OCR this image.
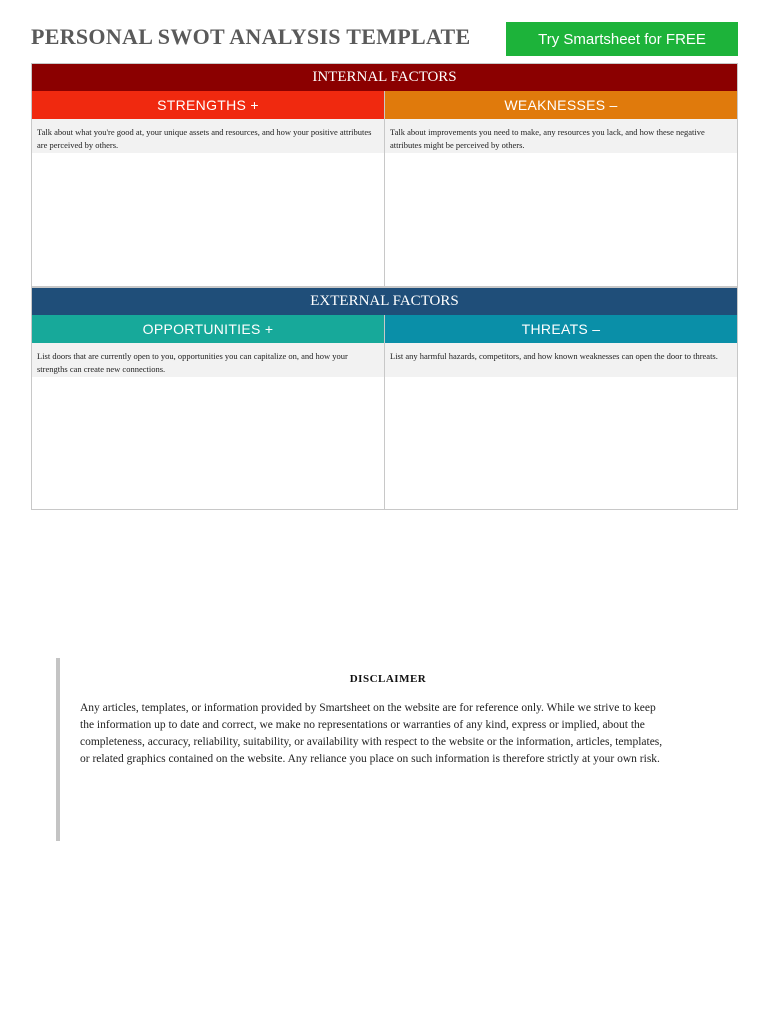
PERSONAL SWOT ANALYSIS TEMPLATE	Try Smartsheet for FREE
INTERNAL FACTORS
STRENGTHS +
Talk about what you're good at, your unique assets and resources, and how your positive attributes are perceived by others.
WEAKNESSES –
Talk about improvements you need to make, any resources you lack, and how these negative attributes might be perceived by others.
EXTERNAL FACTORS
OPPORTUNITIES +
List doors that are currently open to you, opportunities you can capitalize on, and how your strengths can create new connections.
THREATS –
List any harmful hazards, competitors, and how known weaknesses can open the door to threats.
DISCLAIMER
Any articles, templates, or information provided by Smartsheet on the website are for reference only. While we strive to keep the information up to date and correct, we make no representations or warranties of any kind, express or implied, about the completeness, accuracy, reliability, suitability, or availability with respect to the website or the information, articles, templates, or related graphics contained on the website. Any reliance you place on such information is therefore strictly at your own risk.
